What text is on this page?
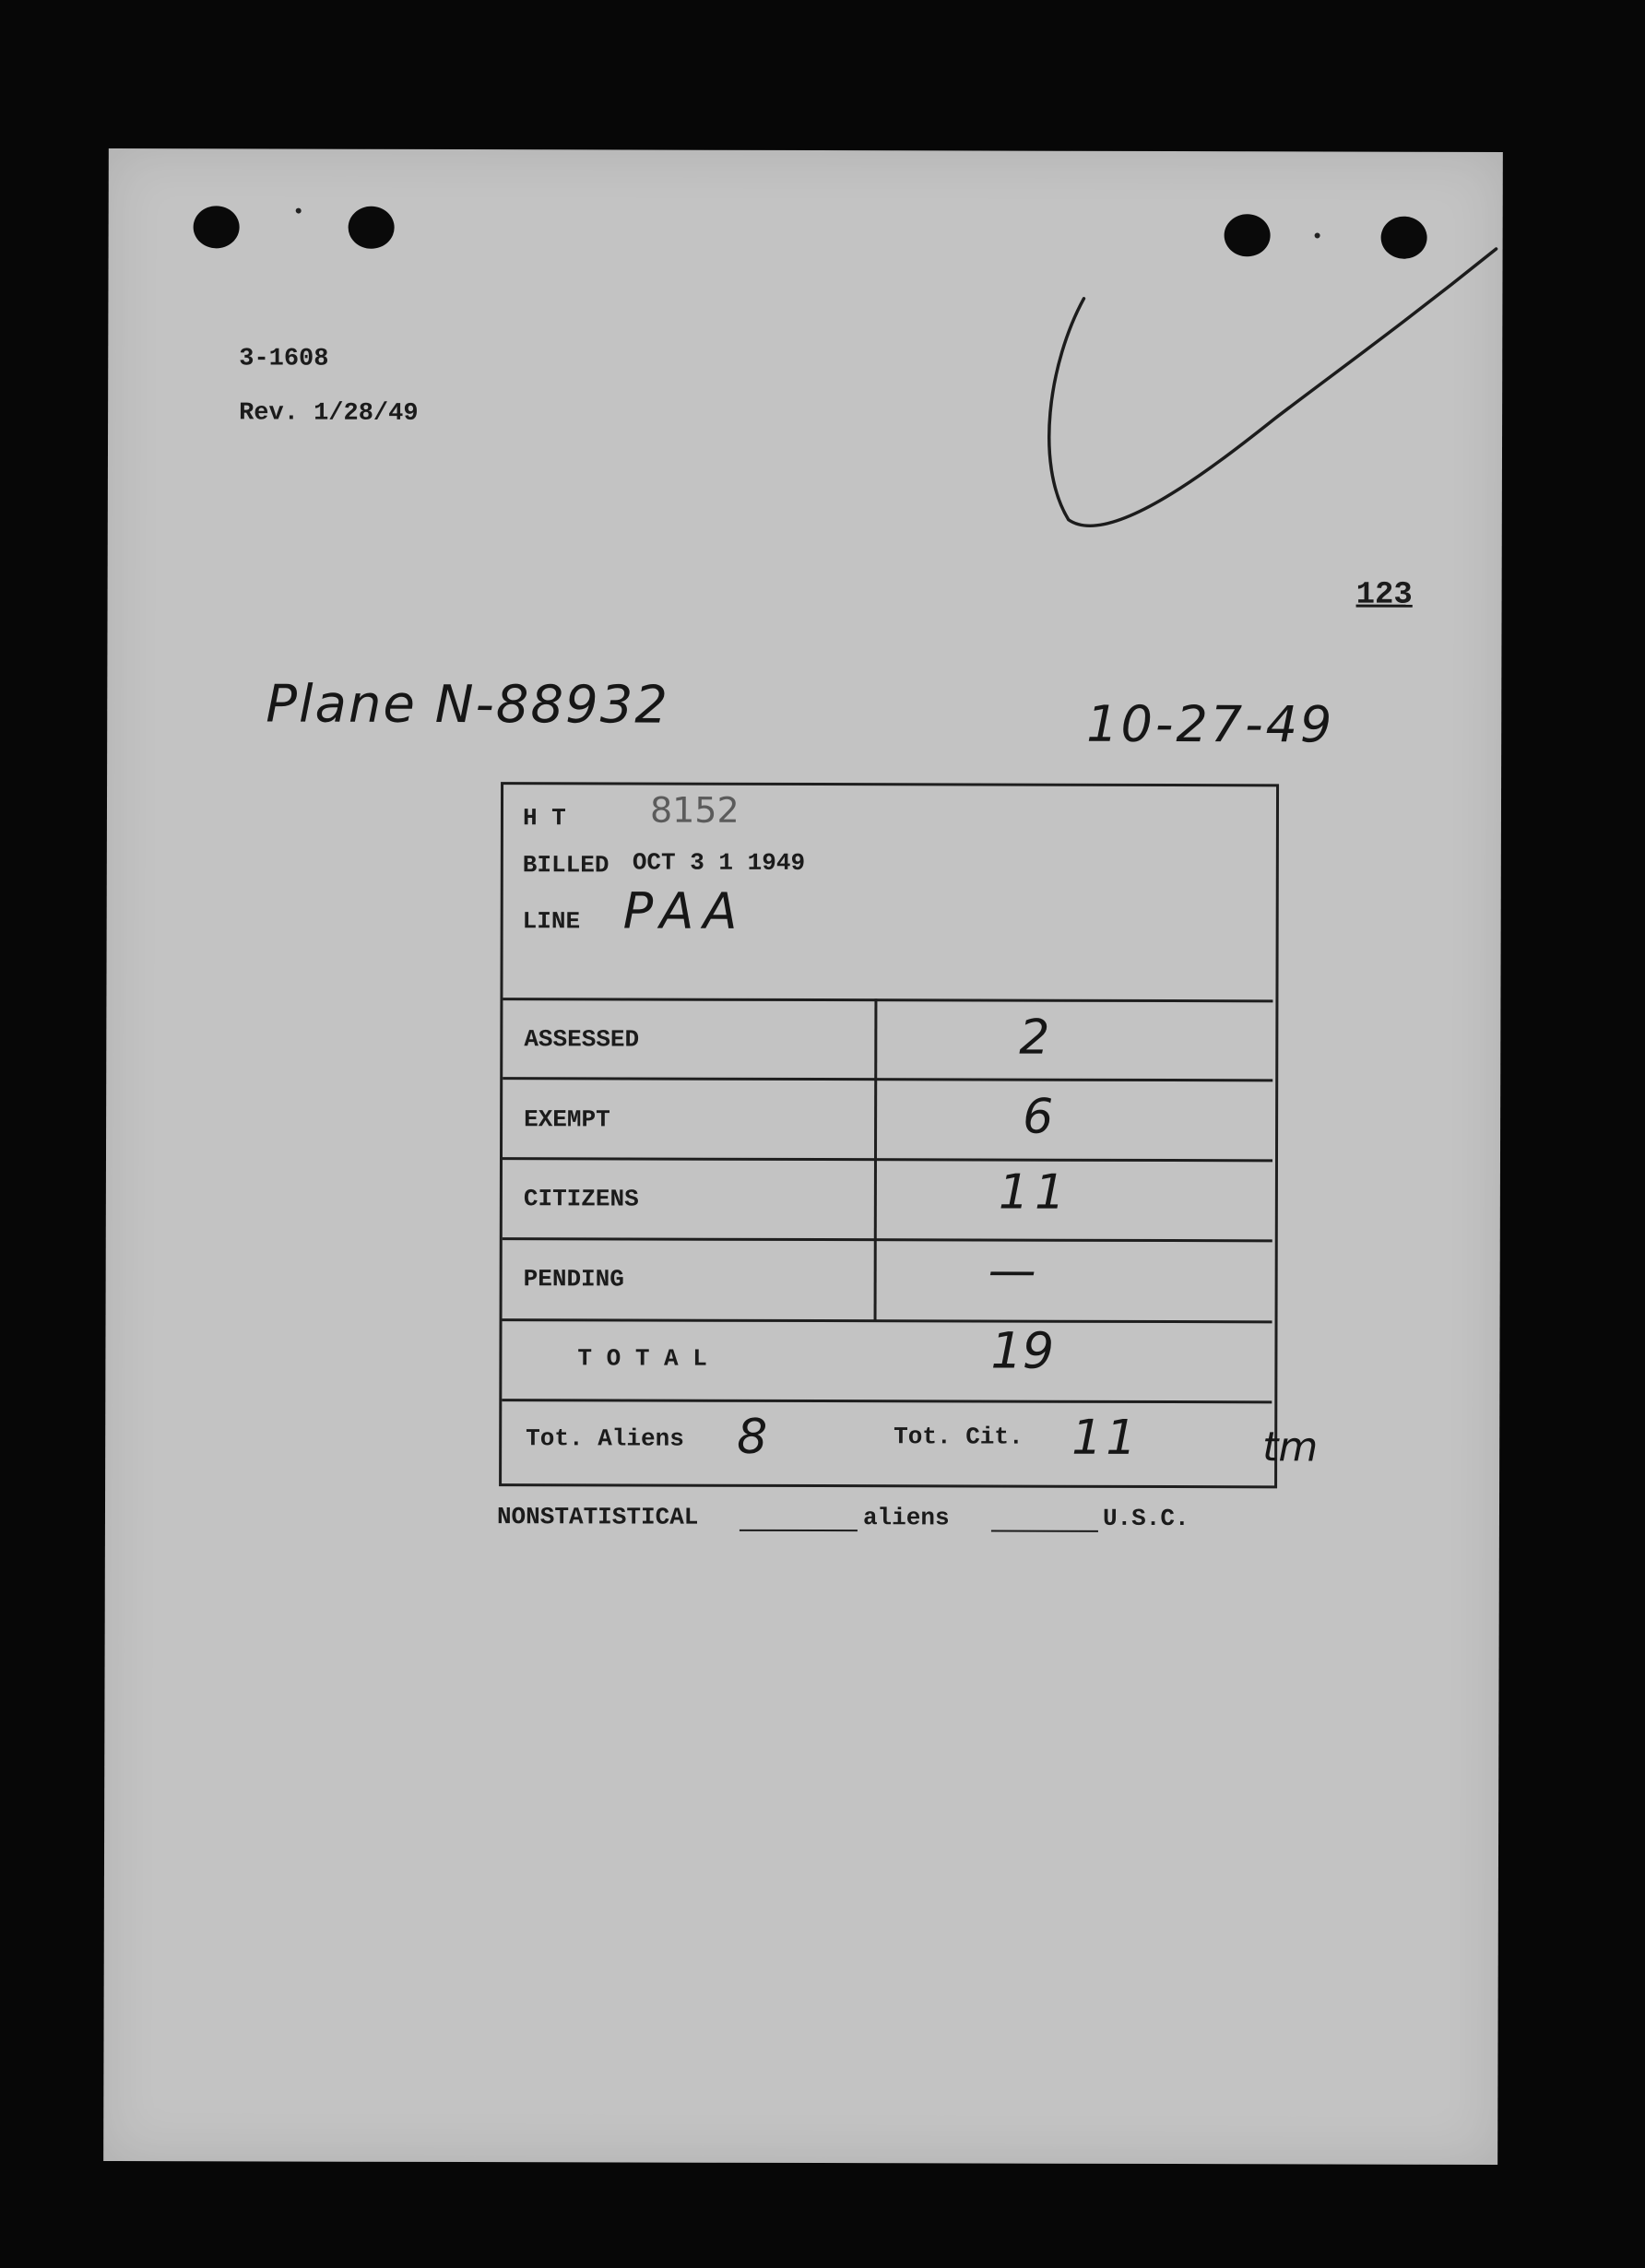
3-1608
Rev. 1/28/49
123
Plane N-88932	10-27-49
H T 8152
BILLED OCT 3 1 1949
LINE PAA
ASSESSED	2
EXEMPT	6
CITIZENS	11
PENDING	—
T O T A L	19
Tot. Aliens 8	Tot. Cit. 11	tm
NONSTATISTICAL	aliens	U.S.C.
